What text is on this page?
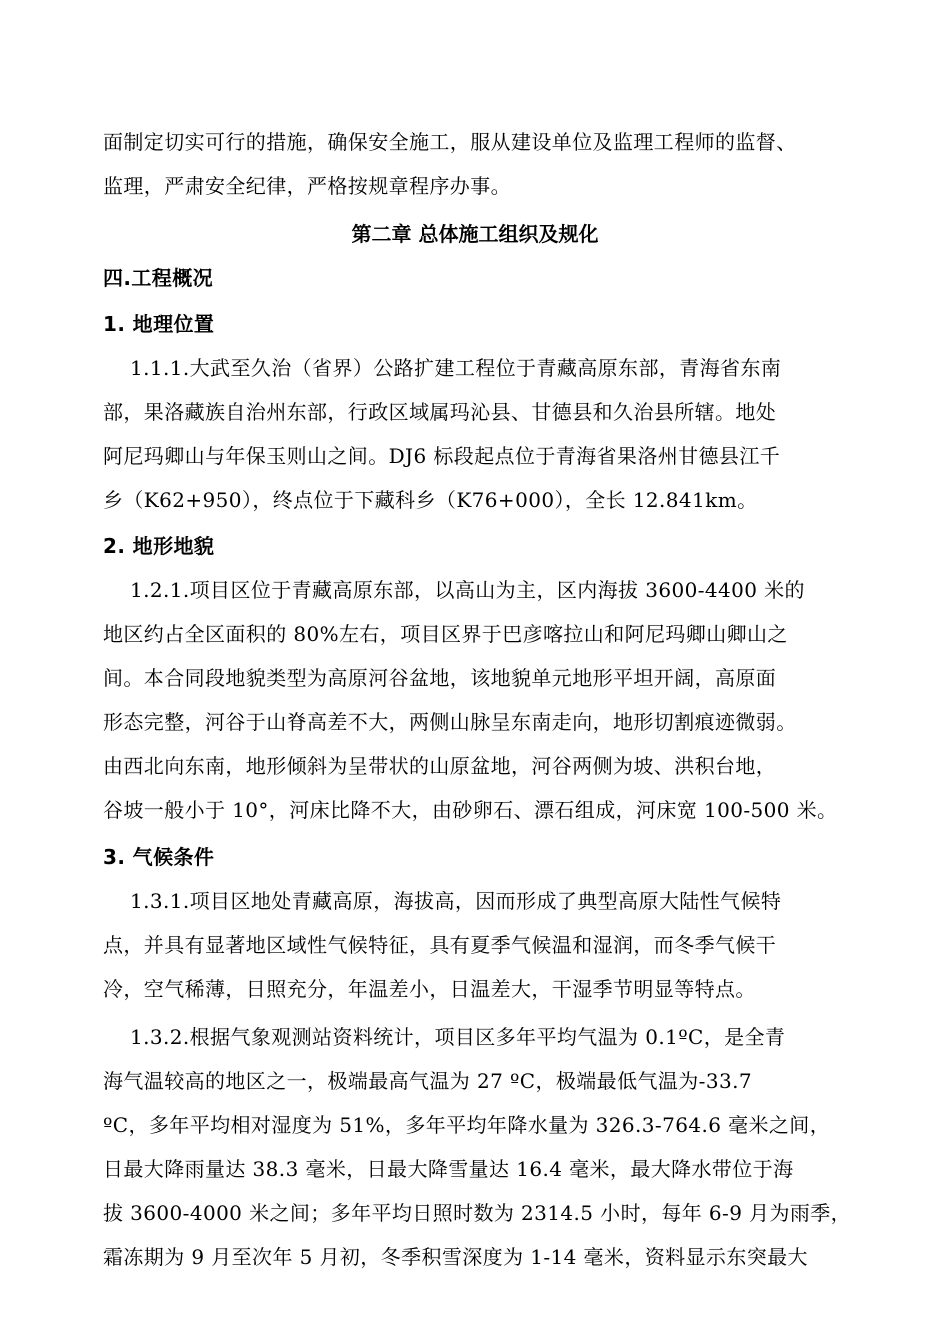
面制定切实可行的措施，确保安全施工，服从建设单位及监理工程师的监督、
监理，严肃安全纪律，严格按规章程序办事。
第二章 总体施工组织及规化
四.工程概况
1. 地理位置
1.1.1.大武至久治（省界）公路扩建工程位于青藏高原东部，青海省东南
部，果洛藏族自治州东部，行政区域属玛沁县、甘德县和久治县所辖。地处
阿尼玛卿山与年保玉则山之间。DJ6 标段起点位于青海省果洛州甘德县江千
乡（K62+950），终点位于下藏科乡（K76+000），全长 12.841km。
2. 地形地貌
1.2.1.项目区位于青藏高原东部，以高山为主，区内海拔 3600-4400 米的
地区约占全区面积的 80%左右，项目区界于巴彦喀拉山和阿尼玛卿山卿山之
间。本合同段地貌类型为高原河谷盆地，该地貌单元地形平坦开阔，高原面
形态完整，河谷于山脊高差不大，两侧山脉呈东南走向，地形切割痕迹微弱。
由西北向东南，地形倾斜为呈带状的山原盆地，河谷两侧为坡、洪积台地，
谷坡一般小于 10°，河床比降不大，由砂卵石、漂石组成，河床宽 100-500 米。
3. 气候条件
1.3.1.项目区地处青藏高原，海拔高，因而形成了典型高原大陆性气候特
点，并具有显著地区域性气候特征，具有夏季气候温和湿润，而冬季气候干
冷，空气稀薄，日照充分，年温差小，日温差大，干湿季节明显等特点。
1.3.2.根据气象观测站资料统计，项目区多年平均气温为 0.1ºC，是全青
海气温较高的地区之一，极端最高气温为 27 ºC，极端最低气温为-33.7
ºC，多年平均相对湿度为 51%，多年平均年降水量为 326.3-764.6 毫米之间，
日最大降雨量达 38.3 毫米，日最大降雪量达 16.4 毫米，最大降水带位于海
拔 3600-4000 米之间；多年平均日照时数为 2314.5 小时，每年 6-9 月为雨季，
霜冻期为 9 月至次年 5 月初，冬季积雪深度为 1-14 毫米，资料显示东突最大
